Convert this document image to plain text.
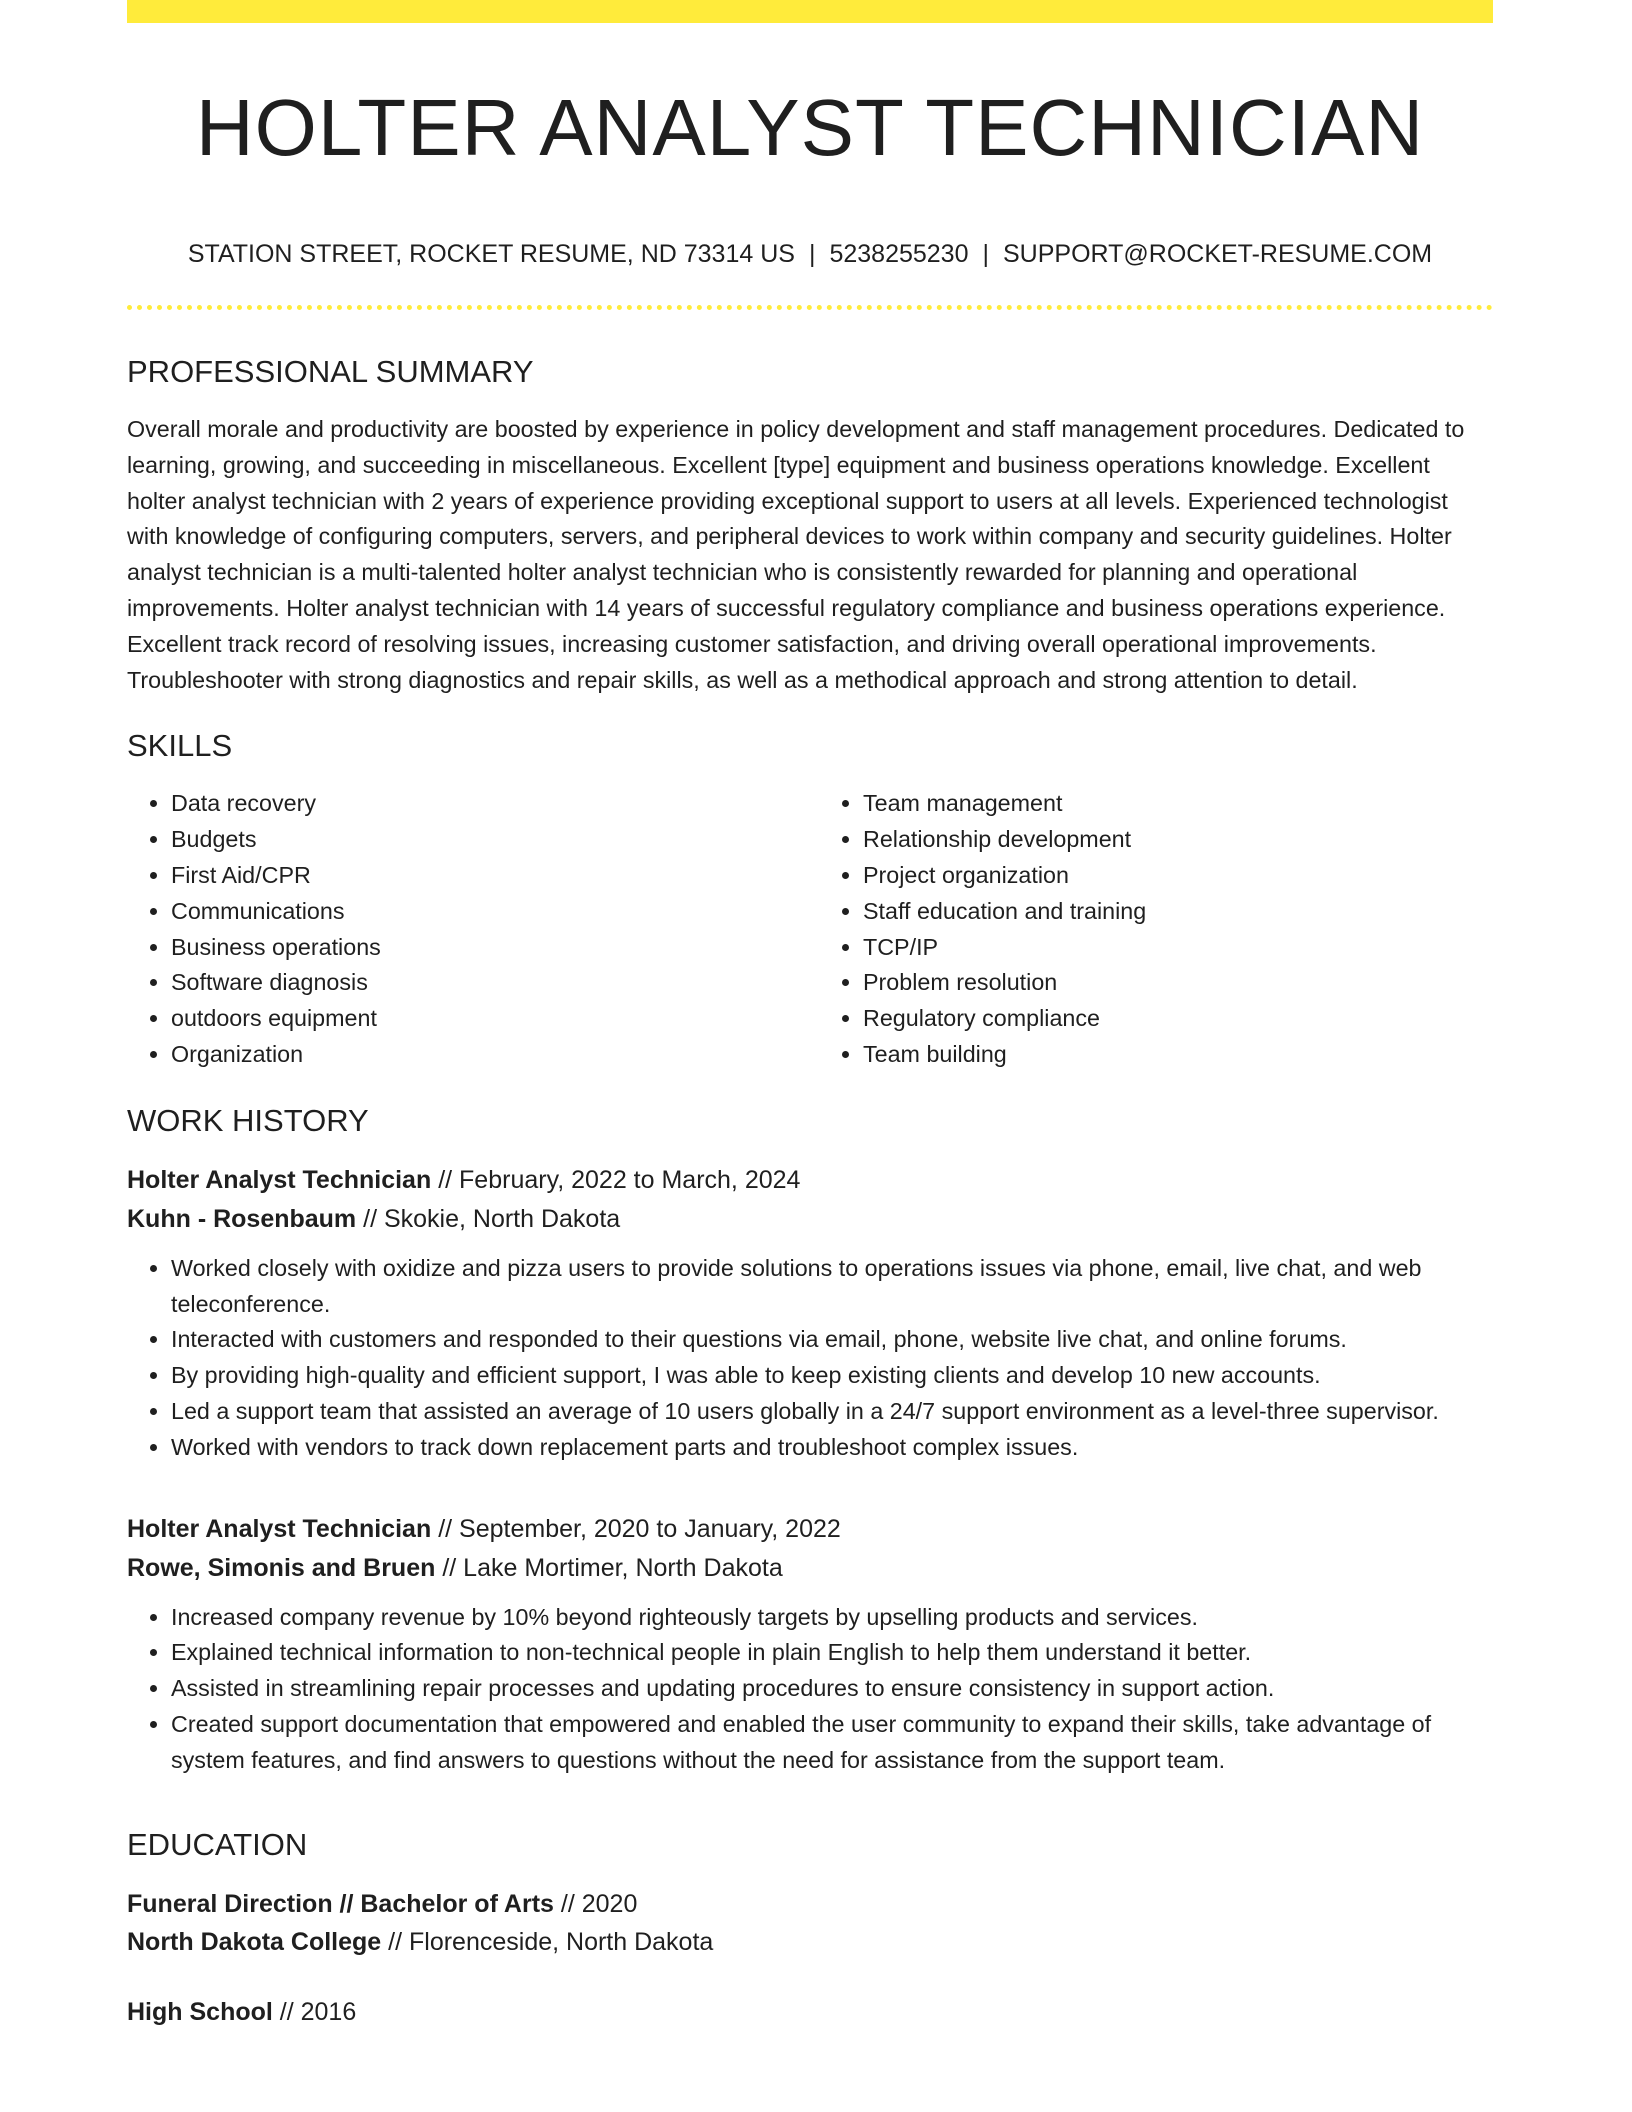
HOLTER ANALYST TECHNICIAN
STATION STREET, ROCKET RESUME, ND 73314 US | 5238255230 | SUPPORT@ROCKET-RESUME.COM
PROFESSIONAL SUMMARY

Overall morale and productivity are boosted by experience in policy development and staff management procedures. Dedicated to learning, growing, and succeeding in miscellaneous. Excellent [type] equipment and business operations knowledge. Excellent holter analyst technician with 2 years of experience providing exceptional support to users at all levels. Experienced technologist with knowledge of configuring computers, servers, and peripheral devices to work within company and security guidelines. Holter analyst technician is a multi-talented holter analyst technician who is consistently rewarded for planning and operational improvements. Holter analyst technician with 14 years of successful regulatory compliance and business operations experience. Excellent track record of resolving issues, increasing customer satisfaction, and driving overall operational improvements. Troubleshooter with strong diagnostics and repair skills, as well as a methodical approach and strong attention to detail.

SKILLS
• Data recovery
• Budgets
• First Aid/CPR
• Communications
• Business operations
• Software diagnosis
• outdoors equipment
• Organization
• Team management
• Relationship development
• Project organization
• Staff education and training
• TCP/IP
• Problem resolution
• Regulatory compliance
• Team building
WORK HISTORY
Holter Analyst Technician // February, 2022 to March, 2024
Kuhn - Rosenbaum // Skokie, North Dakota
• Worked closely with oxidize and pizza users to provide solutions to operations issues via phone, email, live chat, and web teleconference.
• Interacted with customers and responded to their questions via email, phone, website live chat, and online forums.
• By providing high-quality and efficient support, I was able to keep existing clients and develop 10 new accounts.
• Led a support team that assisted an average of 10 users globally in a 24/7 support environment as a level-three supervisor.
• Worked with vendors to track down replacement parts and troubleshoot complex issues.
Holter Analyst Technician // September, 2020 to January, 2022
Rowe, Simonis and Bruen // Lake Mortimer, North Dakota
• Increased company revenue by 10% beyond righteously targets by upselling products and services.
• Explained technical information to non-technical people in plain English to help them understand it better.
• Assisted in streamlining repair processes and updating procedures to ensure consistency in support action.
• Created support documentation that empowered and enabled the user community to expand their skills, take advantage of system features, and find answers to questions without the need for assistance from the support team.
EDUCATION
Funeral Direction // Bachelor of Arts // 2020
North Dakota College // Florenceside, North Dakota
High School // 2016
